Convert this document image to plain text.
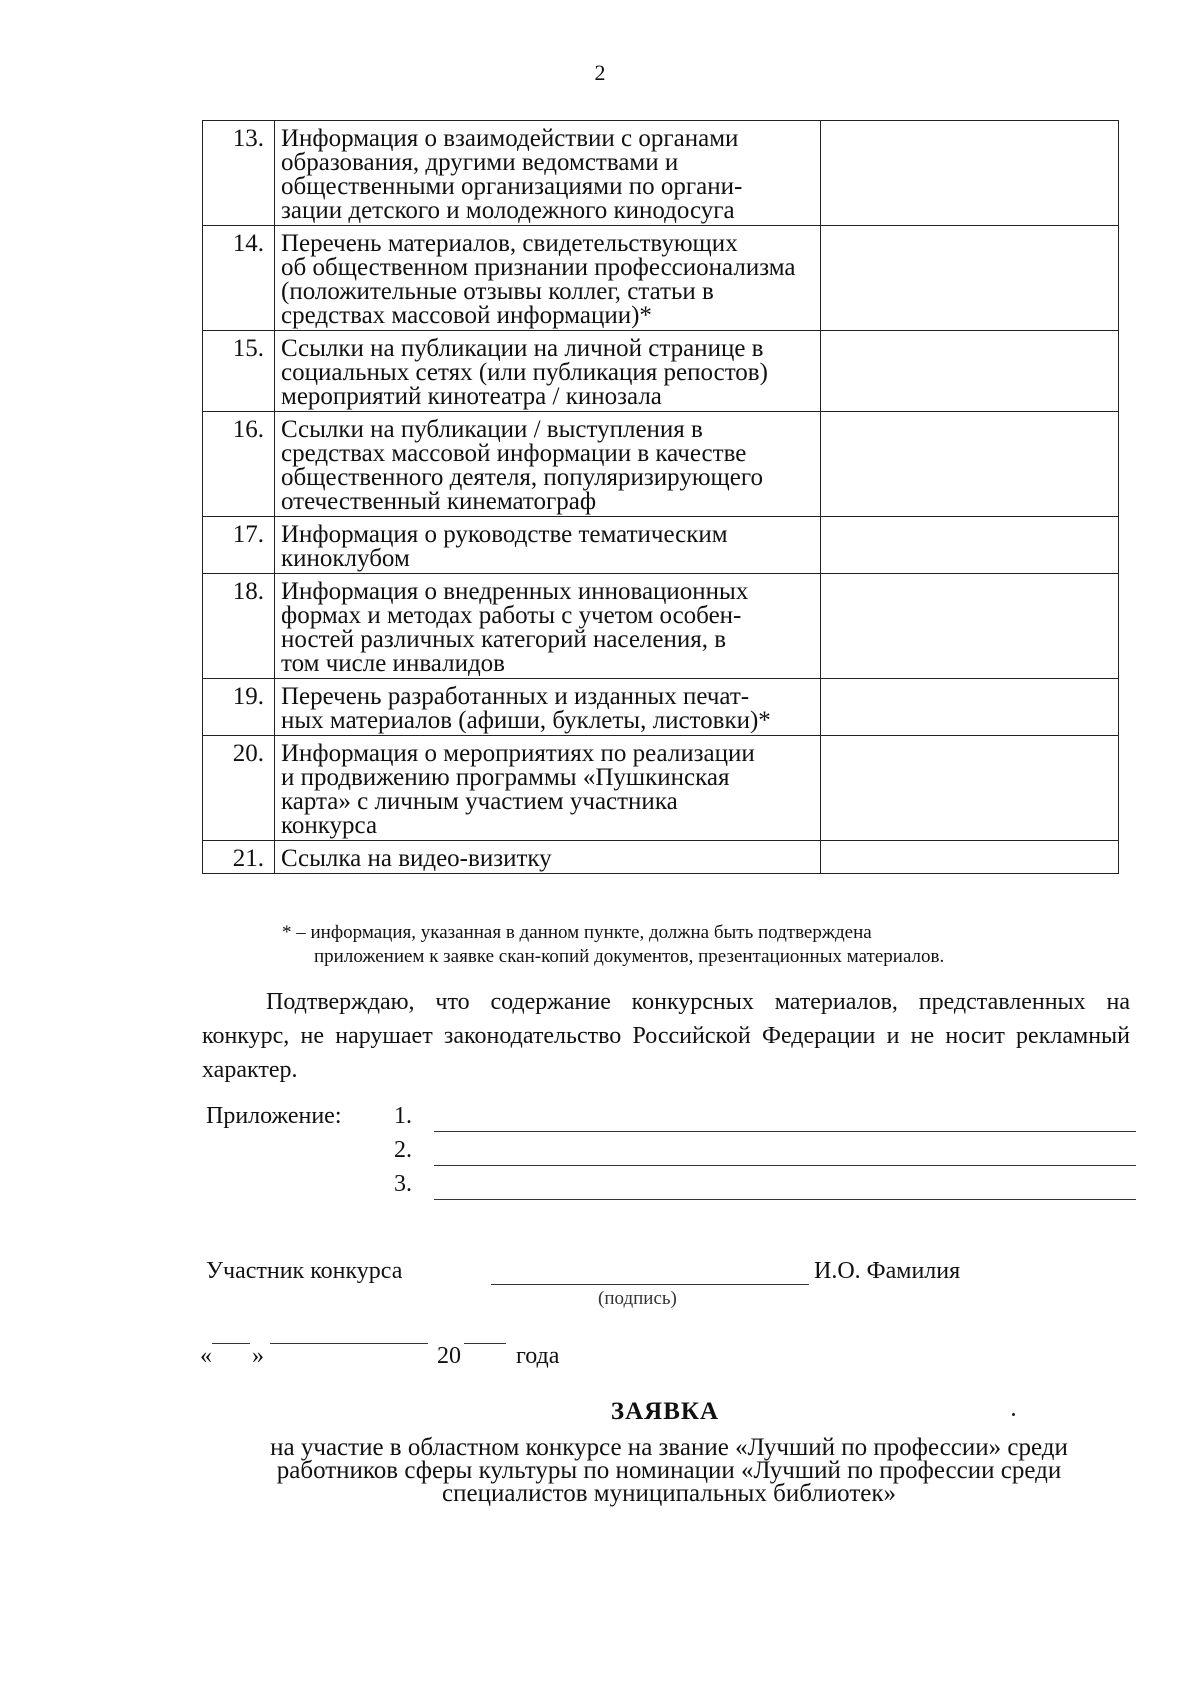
2
13.	Информация о взаимодействии с органами
образования, другими ведомствами и
общественными организациями по органи-
зации детского и молодежного кинодосуга	

14.	Перечень материалов, свидетельствующих
об общественном признании профессионализма
(положительные отзывы коллег, статьи в
средствах массовой информации)*	

15.	Ссылки на публикации на личной странице в
социальных сетях (или публикация репостов)
мероприятий кинотеатра / кинозала	

16.	Ссылки на публикации / выступления в
средствах массовой информации в качестве
общественного деятеля, популяризирующего
отечественный кинематограф	

17.	Информация о руководстве тематическим
киноклубом	

18.	Информация о внедренных инновационных
формах и методах работы с учетом особен-
ностей различных категорий населения, в
том числе инвалидов	

19.	Перечень разработанных и изданных печат-
ных материалов (афиши, буклеты, листовки)*	

20.	Информация о мероприятиях по реализации
и продвижению программы «Пушкинская
карта» с личным участием участника
конкурса	

21.	Ссылка на видео-визитку	

* – информация, указанная в данном пункте, должна быть подтверждена
приложением к заявке скан-копий документов, презентационных материалов.
Подтверждаю, что содержание конкурсных материалов, представленных на конкурс, не нарушает законодательство Российской Федерации и не носит рекламный характер.
Приложение: 1.
2.
3.
Участник конкурса
(подпись)
И.О. Фамилия
« »	20 года
ЗАЯВКА
на участие в областном конкурсе на звание «Лучший по профессии» среди
работников сферы культуры по номинации «Лучший по профессии среди
специалистов муниципальных библиотек»
